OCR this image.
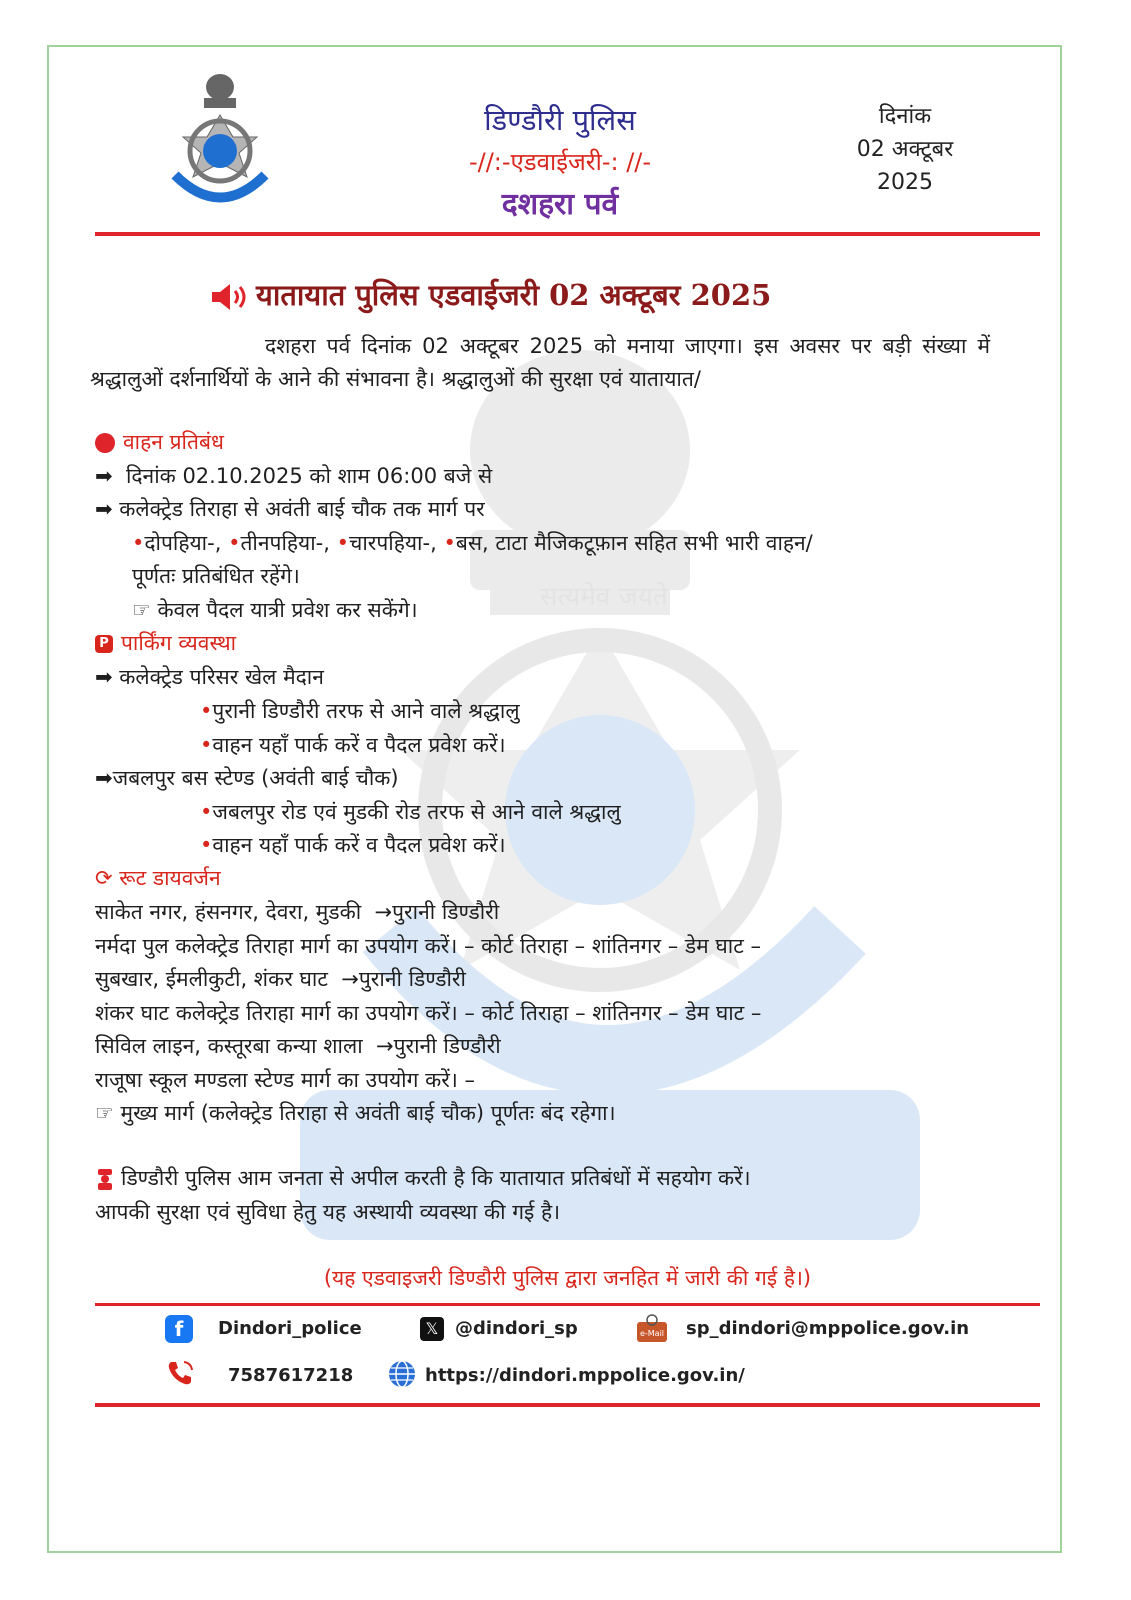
सत्यमेव जयते
डिण्डौरी पुलिस
-//:-एडवाईजरी-: //-
दशहरा पर्व
दिनांक
02 अक्टूबर
2025
यातायात पुलिस एडवाईजरी 02 अक्टूबर 2025
दशहरा पर्व दिनांक 02 अक्टूबर 2025 को मनाया जाएगा। इस अवसर पर बड़ी संख्या में श्रद्धालुओं दर्शनार्थियों के आने की संभावना है। श्रद्धालुओं की सुरक्षा एवं यातायात/
वाहन प्रतिबंध
➡  दिनांक 02.10.2025 को शाम 06:00 बजे से
➡ कलेक्ट्रेड तिराहा से अवंती बाई चौक तक मार्ग पर
•दोपहिया-, •तीनपहिया-, •चारपहिया-, •बस, टाटा मैजिकटूफ़ान सहित सभी भारी वाहन/
पूर्णतः प्रतिबंधित रहेंगे।
☞ केवल पैदल यात्री प्रवेश कर सकेंगे।
P पार्किंग व्यवस्था
➡ कलेक्ट्रेड परिसर खेल मैदान
•पुरानी डिण्डौरी तरफ से आने वाले श्रद्धालु
•वाहन यहाँ पार्क करें व पैदल प्रवेश करें।
➡जबलपुर बस स्टेण्ड (अवंती बाई चौक)
•जबलपुर रोड एवं मुडकी रोड तरफ से आने वाले श्रद्धालु
•वाहन यहाँ पार्क करें व पैदल प्रवेश करें।
⟳ रूट डायवर्जन
साकेत नगर, हंसनगर, देवरा, मुडकी  →पुरानी डिण्डौरी
नर्मदा पुल कलेक्ट्रेड तिराहा मार्ग का उपयोग करें। – कोर्ट तिराहा – शांतिनगर – डेम घाट –
सुबखार, ईमलीकुटी, शंकर घाट  →पुरानी डिण्डौरी
शंकर घाट कलेक्ट्रेड तिराहा मार्ग का उपयोग करें। – कोर्ट तिराहा – शांतिनगर – डेम घाट –
सिविल लाइन, कस्तूरबा कन्या शाला  →पुरानी डिण्डौरी
राजूषा स्कूल मण्डला स्टेण्ड मार्ग का उपयोग करें। –
☞ मुख्य मार्ग (कलेक्ट्रेड तिराहा से अवंती बाई चौक) पूर्णतः बंद रहेगा।
डिण्डौरी पुलिस आम जनता से अपील करती है कि यातायात प्रतिबंधों में सहयोग करें।
आपकी सुरक्षा एवं सुविधा हेतु यह अस्थायी व्यवस्था की गई है।
(यह एडवाइजरी डिण्डौरी पुलिस द्वारा जनहित में जारी की गई है।)
f	Dindori_police	𝕏 @dindori_sp	e-Mail sp_dindori@mppolice.gov.in
7587617218	https://dindori.mppolice.gov.in/
